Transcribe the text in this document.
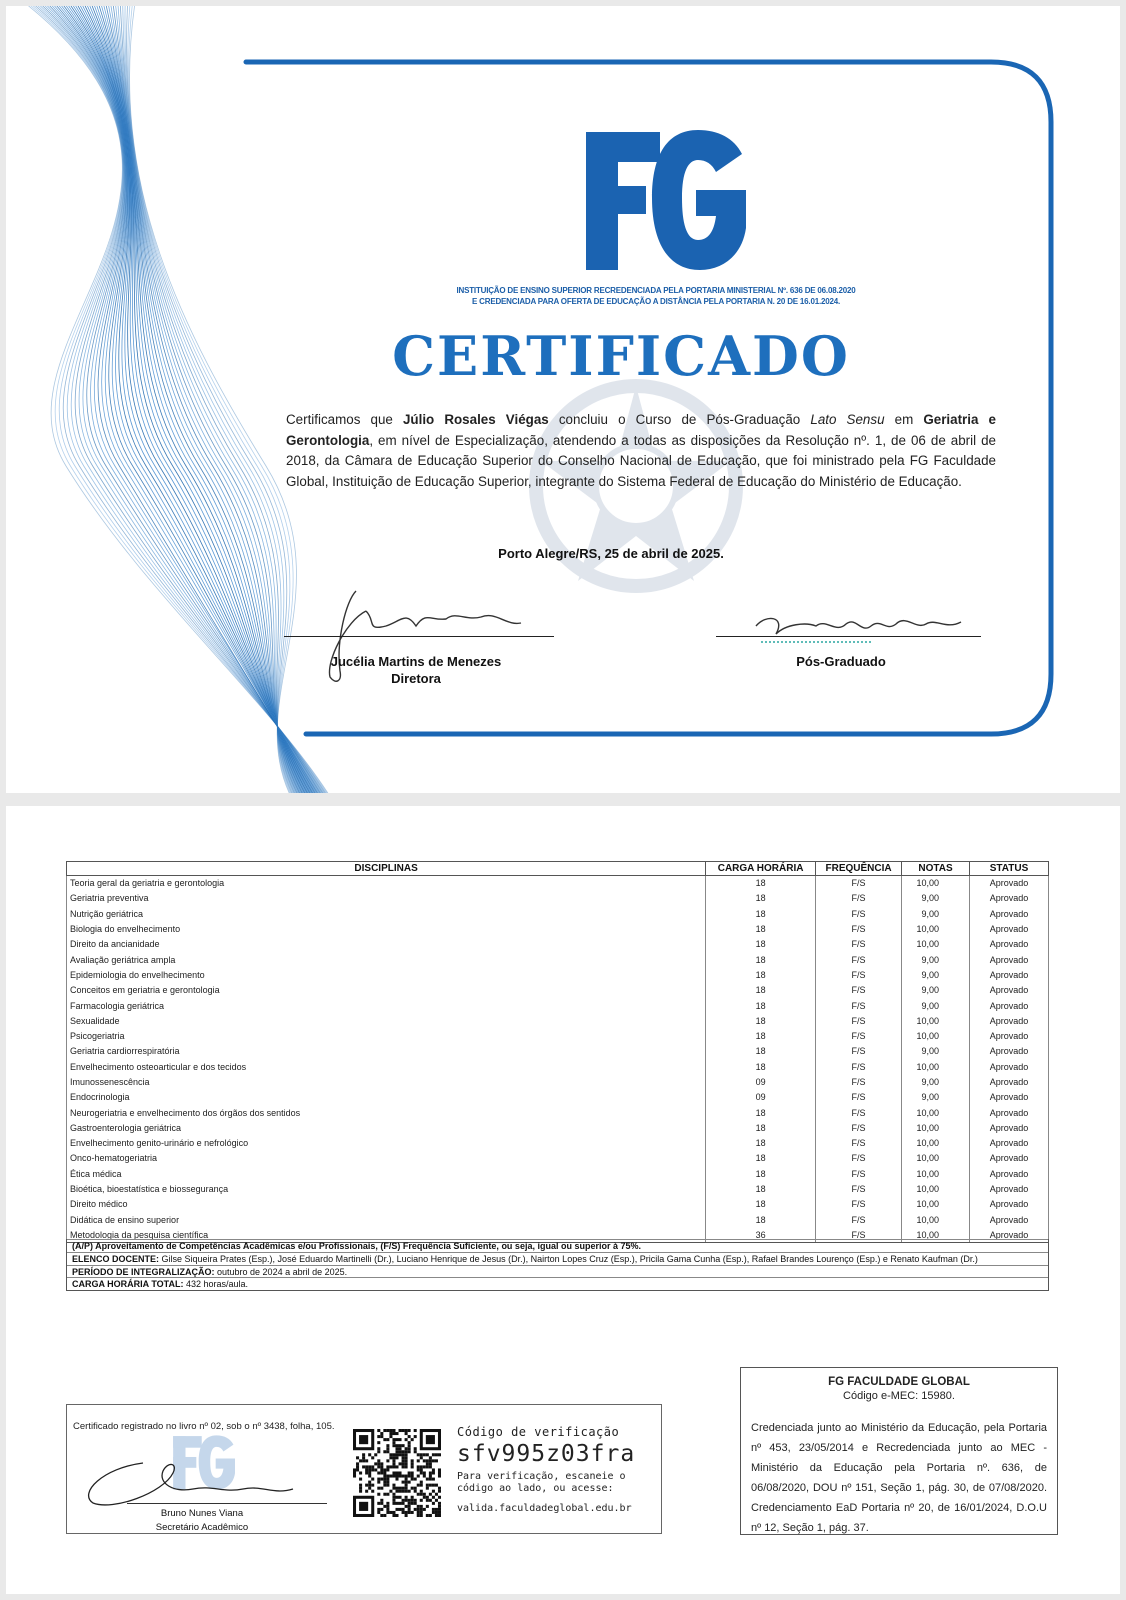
INSTITUIÇÃO DE ENSINO SUPERIOR RECREDENCIADA PELA PORTARIA MINISTERIAL Nº. 636 DE 06.08.2020
E CREDENCIADA PARA OFERTA DE EDUCAÇÃO A DISTÂNCIA PELA PORTARIA N. 20 DE 16.01.2024.
CERTIFICADO
Certificamos que Júlio Rosales Viégas concluiu o Curso de Pós-Graduação Lato Sensu em Geriatria e Gerontologia, em nível de Especialização, atendendo a todas as disposições da Resolução nº. 1, de 06 de abril de 2018, da Câmara de Educação Superior do Conselho Nacional de Educação, que foi ministrado pela FG Faculdade Global, Instituição de Educação Superior, integrante do Sistema Federal de Educação do Ministério de Educação.
Porto Alegre/RS, 25 de abril de 2025.
Jucélia Martins de Menezes
Diretora
Pós-Graduado
DISCIPLINAS	CARGA HORÁRIA	FREQUÊNCIA	NOTAS	STATUS
Teoria geral da geriatria e gerontologia	18	F/S	10,00	Aprovado
Geriatria preventiva	18	F/S	9,00	Aprovado
Nutrição geriátrica	18	F/S	9,00	Aprovado
Biologia do envelhecimento	18	F/S	10,00	Aprovado
Direito da ancianidade	18	F/S	10,00	Aprovado
Avaliação geriátrica ampla	18	F/S	9,00	Aprovado
Epidemiologia do envelhecimento	18	F/S	9,00	Aprovado
Conceitos em geriatria e gerontologia	18	F/S	9,00	Aprovado
Farmacologia geriátrica	18	F/S	9,00	Aprovado
Sexualidade	18	F/S	10,00	Aprovado
Psicogeriatria	18	F/S	10,00	Aprovado
Geriatria cardiorrespiratória	18	F/S	9,00	Aprovado
Envelhecimento osteoarticular e dos tecidos	18	F/S	10,00	Aprovado
Imunossenescência	09	F/S	9,00	Aprovado
Endocrinologia	09	F/S	9,00	Aprovado
Neurogeriatria e envelhecimento dos órgãos dos sentidos	18	F/S	10,00	Aprovado
Gastroenterologia geriátrica	18	F/S	10,00	Aprovado
Envelhecimento genito-urinário e nefrológico	18	F/S	10,00	Aprovado
Onco-hematogeriatria	18	F/S	10,00	Aprovado
Ética médica	18	F/S	10,00	Aprovado
Bioética, bioestatística e biossegurança	18	F/S	10,00	Aprovado
Direito médico	18	F/S	10,00	Aprovado
Didática de ensino superior	18	F/S	10,00	Aprovado
Metodologia da pesquisa científica	36	F/S	10,00	Aprovado
(A/P) Aproveitamento de Competências Acadêmicas e/ou Profissionais, (F/S) Frequência Suficiente, ou seja, igual ou superior à 75%.
ELENCO DOCENTE: Gilse Siqueira Prates (Esp.), José Eduardo Martinelli (Dr.), Luciano Henrique de Jesus (Dr.), Nairton Lopes Cruz (Esp.), Pricila Gama Cunha (Esp.), Rafael Brandes Lourenço (Esp.) e Renato Kaufman (Dr.)
PERÍODO DE INTEGRALIZAÇÃO: outubro de 2024 a abril de 2025.
CARGA HORÁRIA TOTAL: 432 horas/aula.
Certificado registrado no livro nº 02, sob o nº 3438, folha, 105.
Bruno Nunes Viana
Secretário Acadêmico
Código de verificação
sfv995z03fra
Para verificação, escaneie o código ao lado, ou acesse:
valida.faculdadeglobal.edu.br
FG FACULDADE GLOBAL
Código e-MEC: 15980.
Credenciada junto ao Ministério da Educação, pela Portaria nº 453, 23/05/2014 e Recredenciada junto ao MEC - Ministério da Educação pela Portaria nº. 636, de 06/08/2020, DOU nº 151, Seção 1, pág. 30, de 07/08/2020. Credenciamento EaD Portaria nº 20, de 16/01/2024, D.O.U nº 12, Seção 1, pág. 37.
